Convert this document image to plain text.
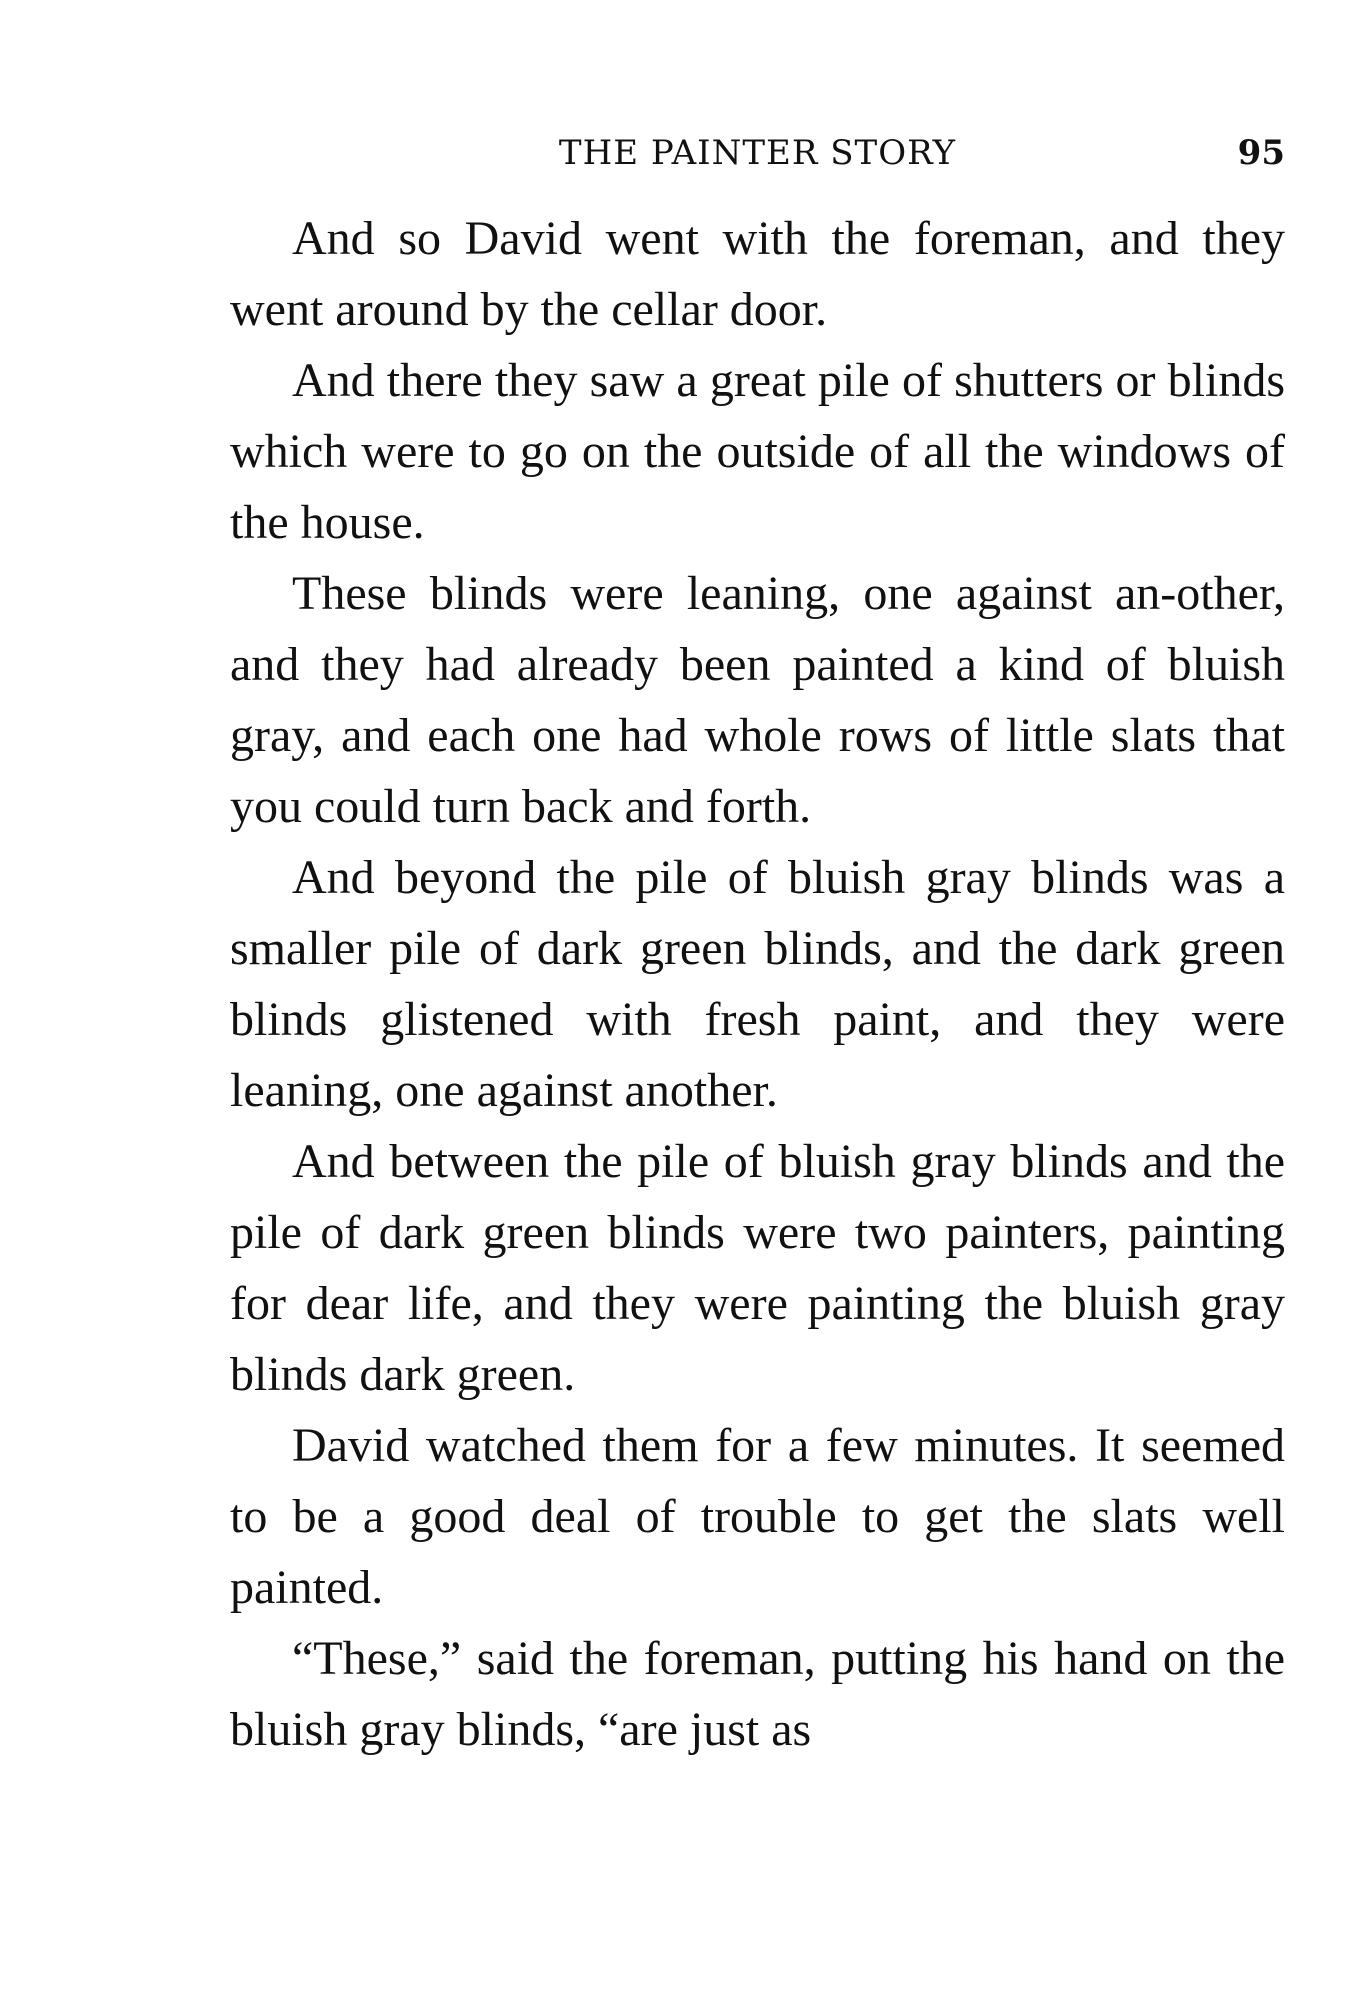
THE PAINTER STORY	95

And so David went with the foreman, and they went around by the cellar door.

And there they saw a great pile of shutters or blinds which were to go on the outside of all the windows of the house.

These blinds were leaning, one against an-other, and they had already been painted a kind of bluish gray, and each one had whole rows of little slats that you could turn back and forth.

And beyond the pile of bluish gray blinds was a smaller pile of dark green blinds, and the dark green blinds glistened with fresh paint, and they were leaning, one against another.

And between the pile of bluish gray blinds and the pile of dark green blinds were two painters, painting for dear life, and they were painting the bluish gray blinds dark green.

David watched them for a few minutes. It seemed to be a good deal of trouble to get the slats well painted.

“These,” said the foreman, putting his hand on the bluish gray blinds, “are just as
